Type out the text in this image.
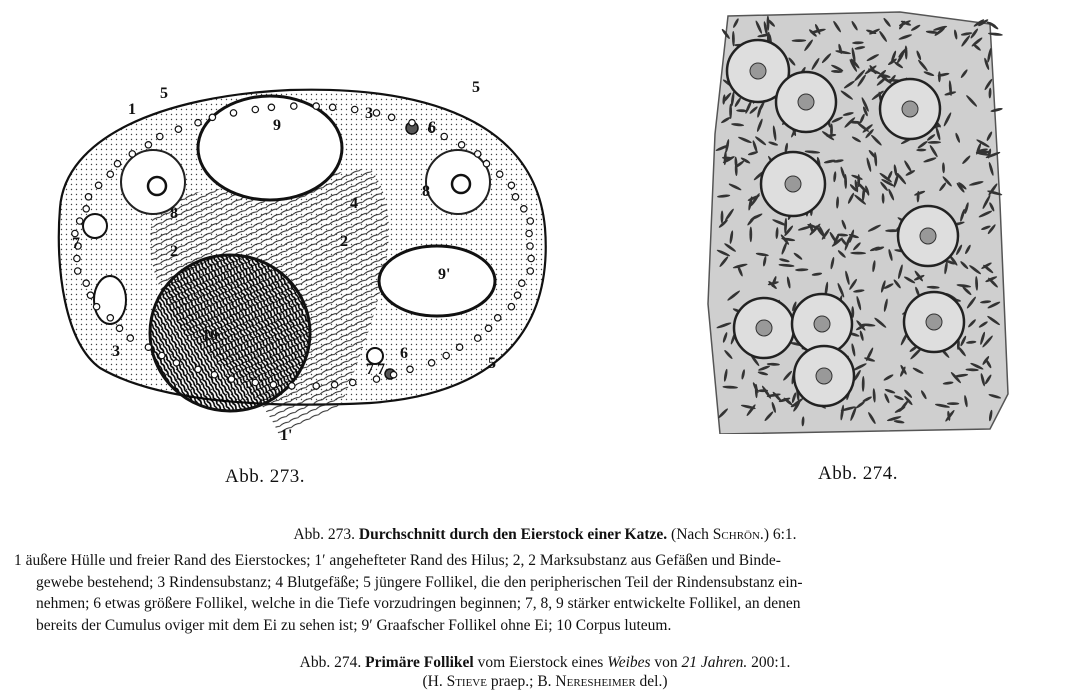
1
5
9
3
5
6
8
8
4
2
7	2
9'
7
3
10
7
6
5
1'
Abb. 273.	Abb. 274.
Abb. 273. Durchschnitt durch den Eierstock einer Katze. (Nach Schrön.) 6:1.
1 äußere Hülle und freier Rand des Eierstockes; 1′ angehefteter Rand des Hilus; 2, 2 Marksubstanz aus Gefäßen und Binde-
gewebe bestehend; 3 Rindensubstanz; 4 Blutgefäße; 5 jüngere Follikel, die den peripherischen Teil der Rindensubstanz ein-
nehmen; 6 etwas größere Follikel, welche in die Tiefe vorzudringen beginnen; 7, 8, 9 stärker entwickelte Follikel, an denen
bereits der Cumulus oviger mit dem Ei zu sehen ist; 9′ Graafscher Follikel ohne Ei; 10 Corpus luteum.
Abb. 274. Primäre Follikel vom Eierstock eines Weibes von 21 Jahren. 200:1.
(H. Stieve praep.; B. Neresheimer del.)
